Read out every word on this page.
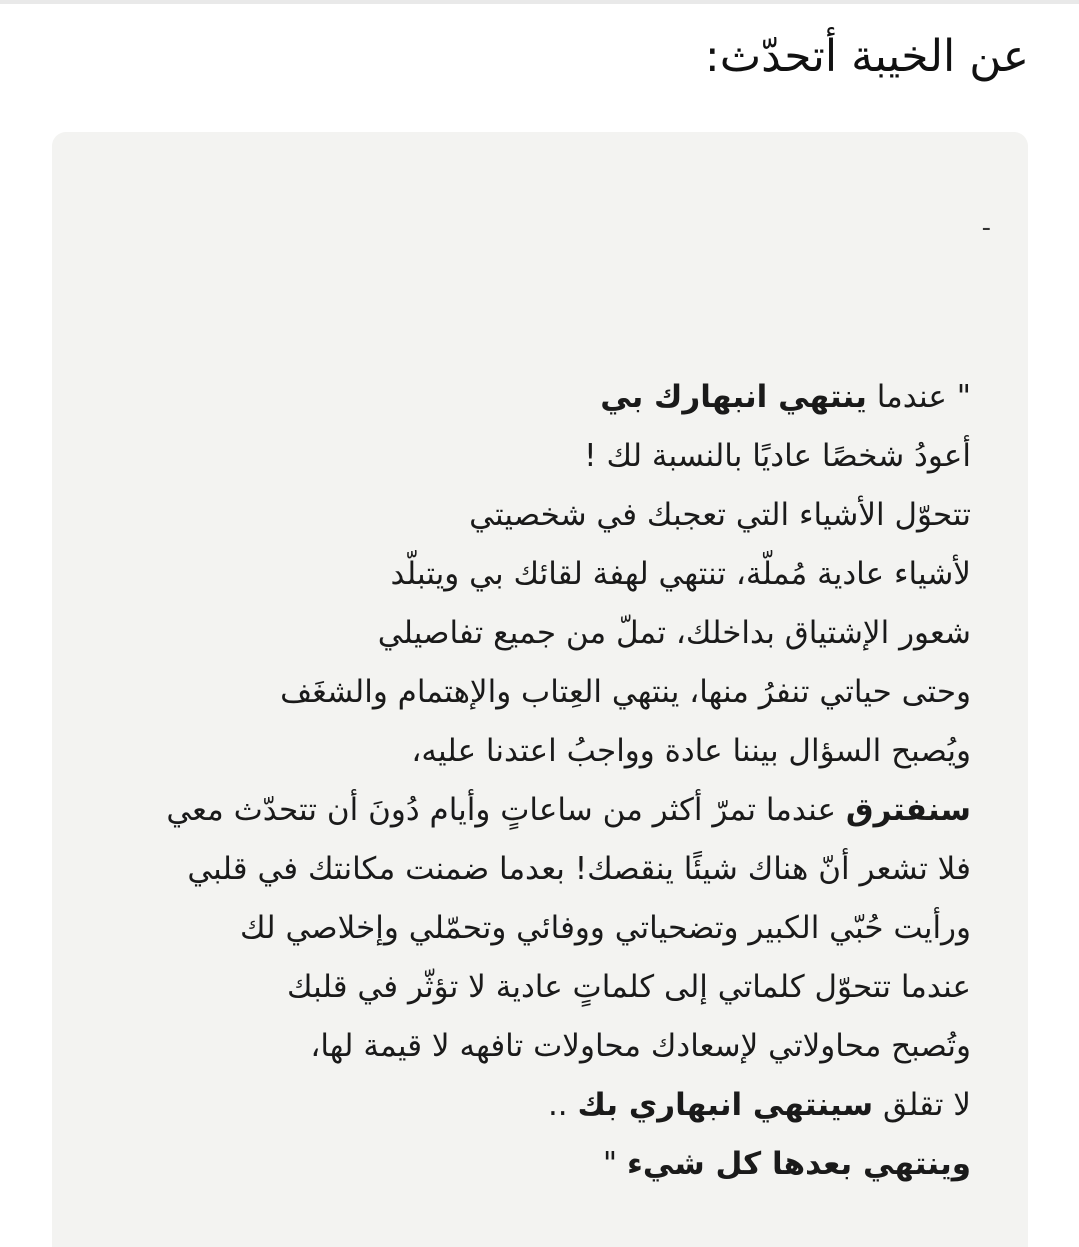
عن الخيبة أتحدّث:
-
" عندما ينتهي انبهارك بي
أعودُ شخصًا عاديًا بالنسبة لك !
تتحوّل الأشياء التي تعجبك في شخصيتي
لأشياء عادية مُملّة، تنتهي لهفة لقائك بي ويتبلّد
شعور الإشتياق بداخلك، تملّ من جميع تفاصيلي
وحتى حياتي تنفرُ منها، ينتهي العِتاب والإهتمام والشغَف
ويُصبح السؤال بيننا عادة وواجبُ اعتدنا عليه،
سنفترق عندما تمرّ أكثر من ساعاتٍ وأيام دُونَ أن تتحدّث معي
فلا تشعر أنّ هناك شيئًا ينقصك! بعدما ضمنت مكانتك في قلبي
ورأيت حُبّي الكبير وتضحياتي ووفائي وتحمّلي وإخلاصي لك
عندما تتحوّل كلماتي إلى كلماتٍ عادية لا تؤثّر في قلبك
وتُصبح محاولاتي لإسعادك محاولات تافهه لا قيمة لها،
لا تقلق سينتهي انبهاري بك ..
وينتهي بعدها كل شيء "
